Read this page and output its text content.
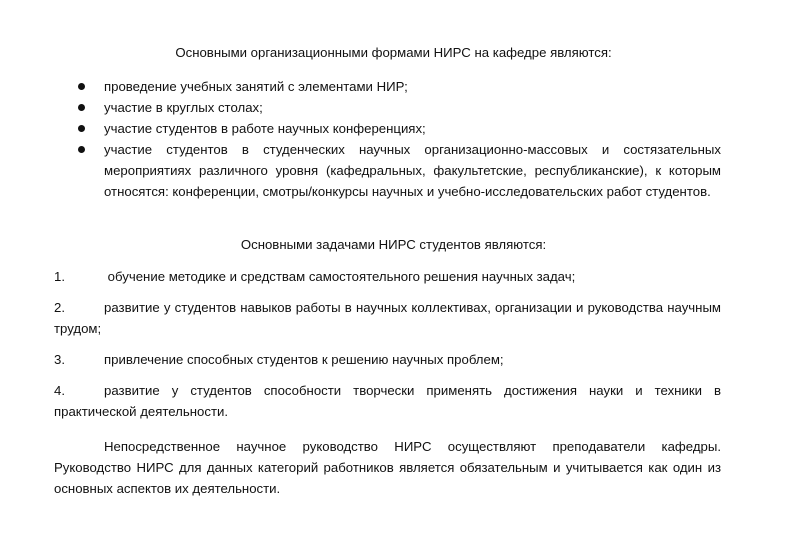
Основными организационными формами НИРС на кафедре являются:

проведение учебных занятий с элементами НИР;
участие в круглых столах;
участие студентов в работе научных конференциях;
участие студентов в студенческих научных организационно-массовых и состязательных мероприятиях различного уровня (кафедральных, факультетские, республиканские), к которым относятся: конференции, смотры/конкурсы научных и учебно-исследовательских работ студентов.

Основными задачами НИРС студентов являются:

1.	обучение методике и средствам самостоятельного решения научных задач;

2.	развитие у студентов навыков работы в научных коллективах, организации и руководства научным трудом;

3.	привлечение способных студентов к решению научных проблем;

4.	развитие у студентов способности творчески применять достижения науки и техники в практической деятельности.

Непосредственное научное руководство НИРС осуществляют преподаватели кафедры. Руководство НИРС для данных категорий работников является обязательным и учитывается как один из основных аспектов их деятельности.
